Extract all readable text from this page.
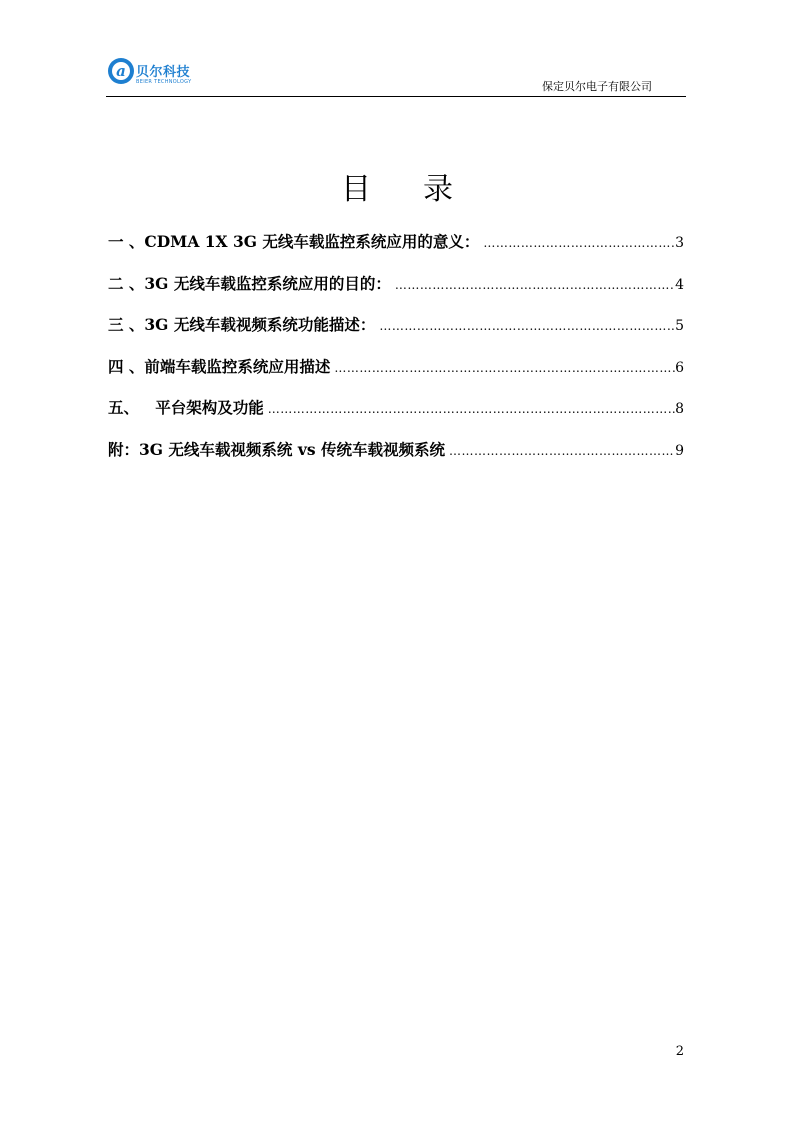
a 贝尔科技
BEIER TECHNOLOGY	保定贝尔电子有限公司
目 录
一 、CDMA 1X 3G 无线车载监控系统应用的意义： ……………………………………………………………………………………………………………………………………………………………………………………………………	3
二 、3G 无线车载监控系统应用的目的： ……………………………………………………………………………………………………………………………………………………………………………………………………	4
三 、3G 无线车载视频系统功能描述： ……………………………………………………………………………………………………………………………………………………………………………………………………	5
四 、前端车载监控系统应用描述 ……………………………………………………………………………………………………………………………………………………………………………………………………	6
五、   平台架构及功能 ……………………………………………………………………………………………………………………………………………………………………………………………………	8
附：3G 无线车载视频系统 vs 传统车载视频系统 ……………………………………………………………………………………………………………………………………………………………………………………………………	9
2
